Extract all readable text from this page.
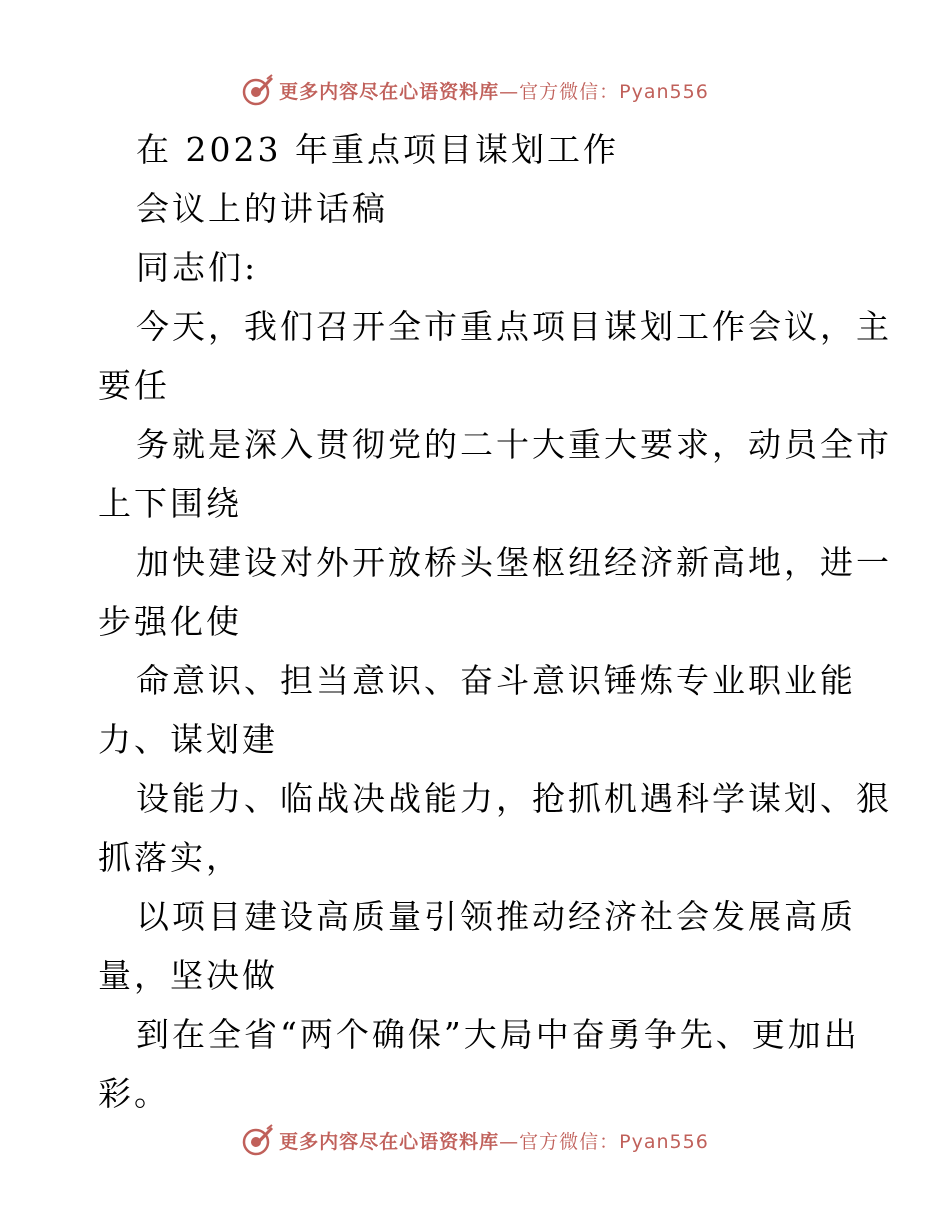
更多内容尽在心语资料库—官方微信：Pyan556
在 2023 年重点项目谋划工作
会议上的讲话稿
同志们:
今天，我们召开全市重点项目谋划工作会议，主
要任
务就是深入贯彻党的二十大重大要求，动员全市
上下围绕
加快建设对外开放桥头堡枢纽经济新高地，进一
步强化使
命意识、担当意识、奋斗意识锤炼专业职业能
力、谋划建
设能力、临战决战能力，抢抓机遇科学谋划、狠
抓落实，
以项目建设高质量引领推动经济社会发展高质
量，坚决做
到在全省“两个确保”大局中奋勇争先、更加出
彩。
更多内容尽在心语资料库—官方微信：Pyan556
